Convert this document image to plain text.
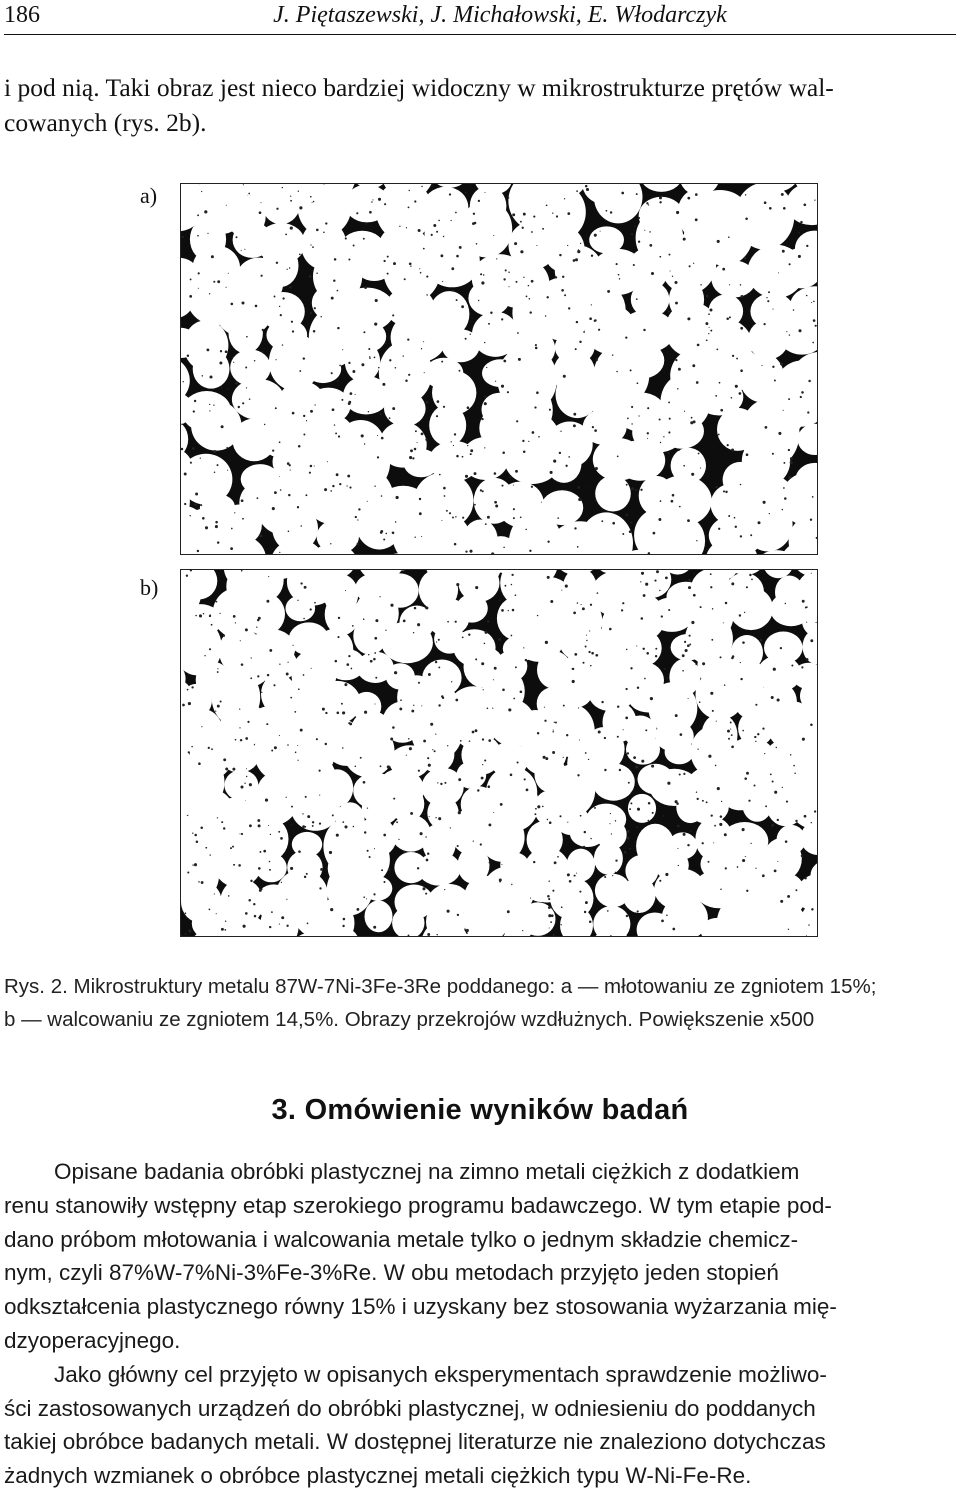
186	J. Piętaszewski, J. Michałowski, E. Włodarczyk

i pod nią. Taki obraz jest nieco bardziej widoczny w mikrostrukturze prętów wal-
cowanych (rys. 2b).

a)
b)
Rys. 2. Mikrostruktury metalu 87W-7Ni-3Fe-3Re poddanego: a — młotowaniu ze zgniotem 15%;
b — walcowaniu ze zgniotem 14,5%. Obrazy przekrojów wzdłużnych. Powiększenie x500
3. Omówienie wyników badań
Opisane badania obróbki plastycznej na zimno metali ciężkich z dodatkiem
renu stanowiły wstępny etap szerokiego programu badawczego. W tym etapie pod-
dano próbom młotowania i walcowania metale tylko o jednym składzie chemicz-
nym, czyli 87%W-7%Ni-3%Fe-3%Re. W obu metodach przyjęto jeden stopień
odkształcenia plastycznego równy 15% i uzyskany bez stosowania wyżarzania mię-
dzyoperacyjnego.
Jako główny cel przyjęto w opisanych eksperymentach sprawdzenie możliwo-
ści zastosowanych urządzeń do obróbki plastycznej, w odniesieniu do poddanych
takiej obróbce badanych metali. W dostępnej literaturze nie znaleziono dotychczas
żadnych wzmianek o obróbce plastycznej metali ciężkich typu W-Ni-Fe-Re.
